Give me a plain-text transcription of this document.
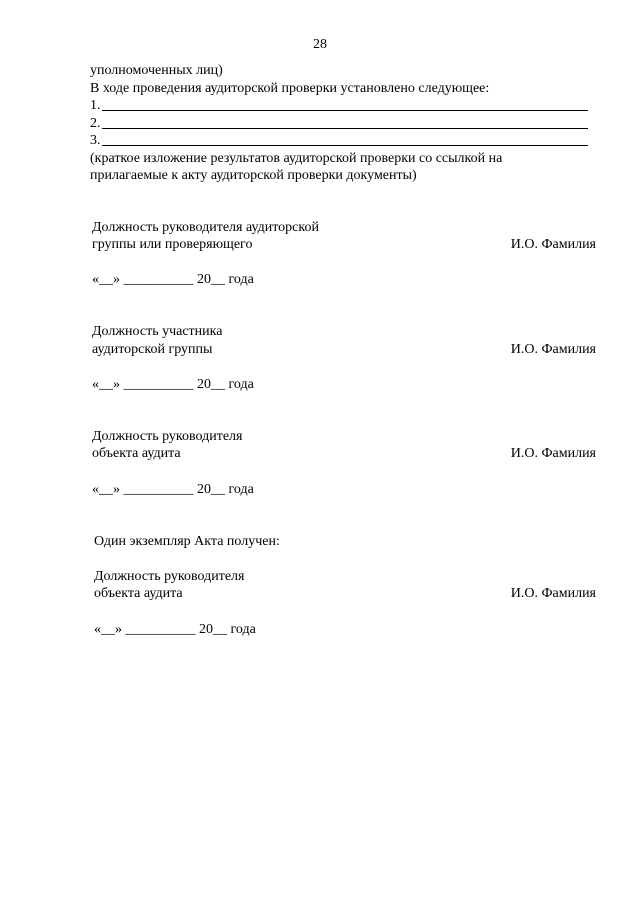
28
уполномоченных лиц)
В ходе проведения аудиторской проверки установлено следующее:
1.
2.
3.
(краткое изложение результатов аудиторской проверки со ссылкой на
прилагаемые к акту аудиторской проверки документы)
Должность руководителя аудиторской
группы или проверяющего	И.О. Фамилия
«__» __________ 20__ года
Должность участника
аудиторской группы	И.О. Фамилия
«__» __________ 20__ года
Должность руководителя
объекта аудита	И.О. Фамилия
«__» __________ 20__ года
Один экземпляр Акта получен:
Должность руководителя
объекта аудита	И.О. Фамилия
«__» __________ 20__ года
